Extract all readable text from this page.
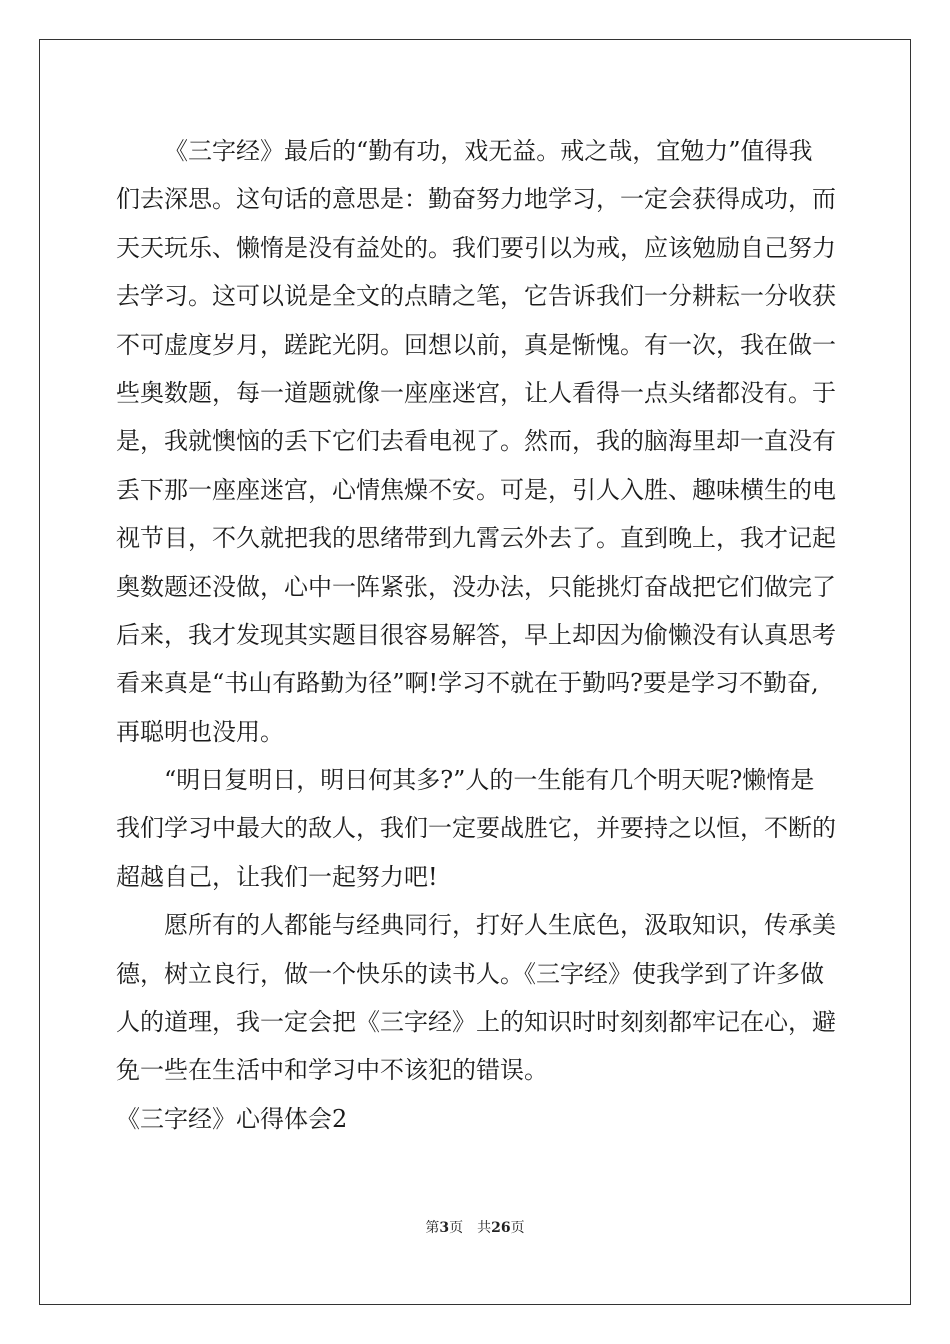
《三字经》最后的“勤有功，戏无益。戒之哉，宜勉力”值得我
们去深思。这句话的意思是：勤奋努力地学习，一定会获得成功，而
天天玩乐、懒惰是没有益处的。我们要引以为戒，应该勉励自己努力
去学习。这可以说是全文的点睛之笔，它告诉我们一分耕耘一分收获
不可虚度岁月，蹉跎光阴。回想以前，真是惭愧。有一次，我在做一
些奥数题，每一道题就像一座座迷宫，让人看得一点头绪都没有。于
是，我就懊恼的丢下它们去看电视了。然而，我的脑海里却一直没有
丢下那一座座迷宫，心情焦燥不安。可是，引人入胜、趣味横生的电
视节目，不久就把我的思绪带到九霄云外去了。直到晚上，我才记起
奥数题还没做，心中一阵紧张，没办法，只能挑灯奋战把它们做完了
后来，我才发现其实题目很容易解答，早上却因为偷懒没有认真思考
看来真是“书山有路勤为径”啊!学习不就在于勤吗?要是学习不勤奋,
再聪明也没用。
“明日复明日，明日何其多?”人的一生能有几个明天呢?懒惰是
我们学习中最大的敌人，我们一定要战胜它，并要持之以恒，不断的
超越自己，让我们一起努力吧!
愿所有的人都能与经典同行，打好人生底色，汲取知识，传承美
德，树立良行，做一个快乐的读书人。《三字经》使我学到了许多做
人的道理，我一定会把《三字经》上的知识时时刻刻都牢记在心，避
免一些在生活中和学习中不该犯的错误。
《三字经》心得体会2
第3页 共26页
